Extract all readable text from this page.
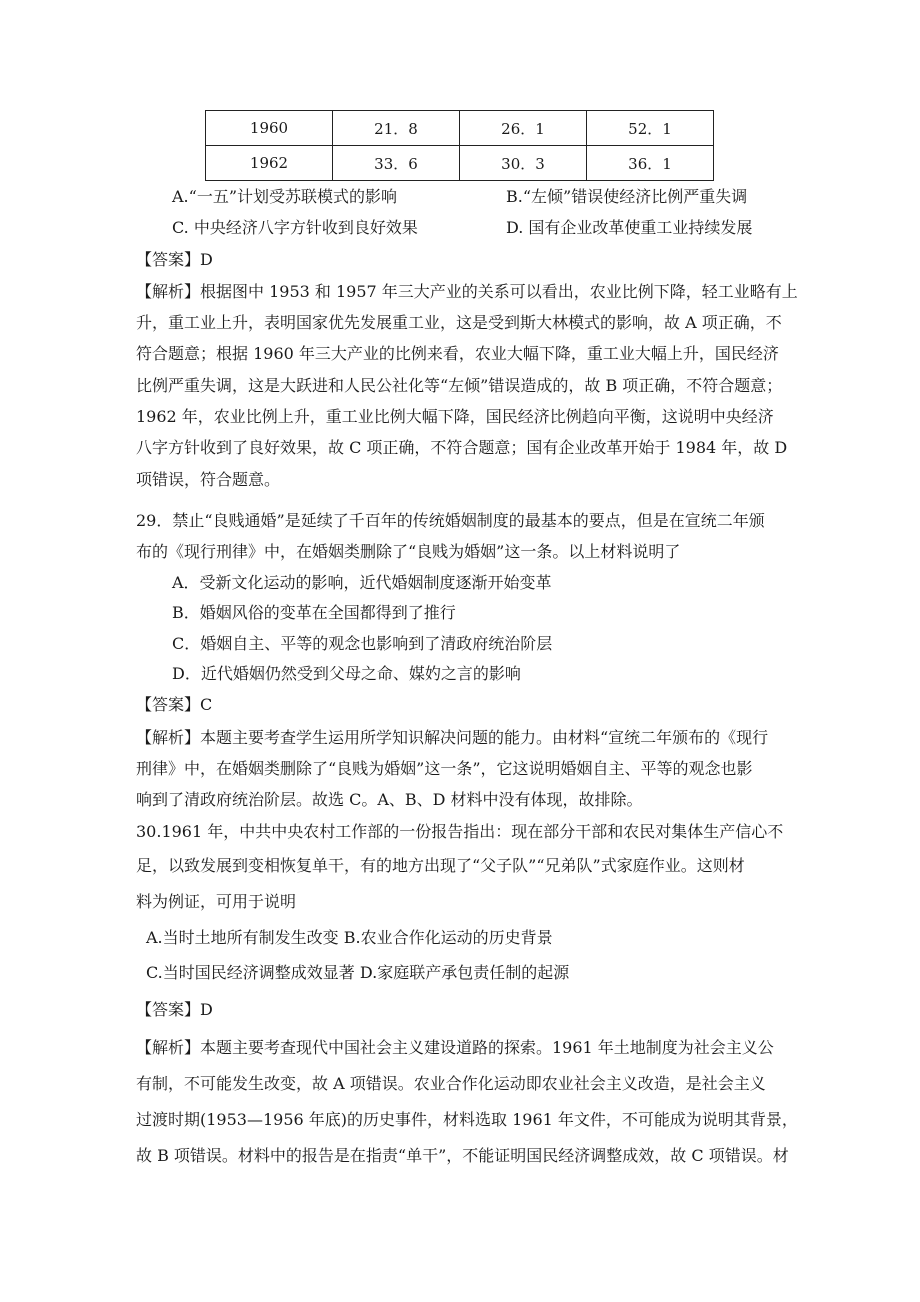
1960	21．8	26．1	52．1
1962	33．6	30．3	36．1
A.“一五”计划受苏联模式的影响	B.“左倾”错误使经济比例严重失调
C. 中央经济八字方针收到良好效果	D. 国有企业改革使重工业持续发展
【答案】D
【解析】根据图中 1953 和 1957 年三大产业的关系可以看出，农业比例下降，轻工业略有上
升，重工业上升，表明国家优先发展重工业，这是受到斯大林模式的影响，故 A 项正确，不
符合题意；根据 1960 年三大产业的比例来看，农业大幅下降，重工业大幅上升，国民经济
比例严重失调，这是大跃进和人民公社化等“左倾”错误造成的，故 B 项正确，不符合题意；
1962 年，农业比例上升，重工业比例大幅下降，国民经济比例趋向平衡，这说明中央经济
八字方针收到了良好效果，故 C 项正确，不符合题意；国有企业改革开始于 1984 年，故 D
项错误，符合题意。
29．禁止“良贱通婚”是延续了千百年的传统婚姻制度的最基本的要点，但是在宣统二年颁
布的《现行刑律》中，在婚姻类删除了“良贱为婚姻”这一条。以上材料说明了
A．受新文化运动的影响，近代婚姻制度逐渐开始变革
B．婚姻风俗的变革在全国都得到了推行
C．婚姻自主、平等的观念也影响到了清政府统治阶层
D．近代婚姻仍然受到父母之命、媒妁之言的影响
【答案】C
【解析】本题主要考查学生运用所学知识解决问题的能力。由材料“宣统二年颁布的《现行
刑律》中，在婚姻类删除了“良贱为婚姻”这一条”，它这说明婚姻自主、平等的观念也影
响到了清政府统治阶层。故选 C。A、B、D 材料中没有体现，故排除。
30.1961 年，中共中央农村工作部的一份报告指出：现在部分干部和农民对集体生产信心不
足，以致发展到变相恢复单干，有的地方出现了“父子队”“兄弟队”式家庭作业。这则材
料为例证，可用于说明
A.当时土地所有制发生改变 B.农业合作化运动的历史背景
C.当时国民经济调整成效显著 D.家庭联产承包责任制的起源
【答案】D
【解析】本题主要考查现代中国社会主义建设道路的探索。1961 年土地制度为社会主义公
有制，不可能发生改变，故 A 项错误。农业合作化运动即农业社会主义改造，是社会主义
过渡时期(1953—1956 年底)的历史事件，材料选取 1961 年文件，不可能成为说明其背景，
故 B 项错误。材料中的报告是在指责“单干”，不能证明国民经济调整成效，故 C 项错误。材
